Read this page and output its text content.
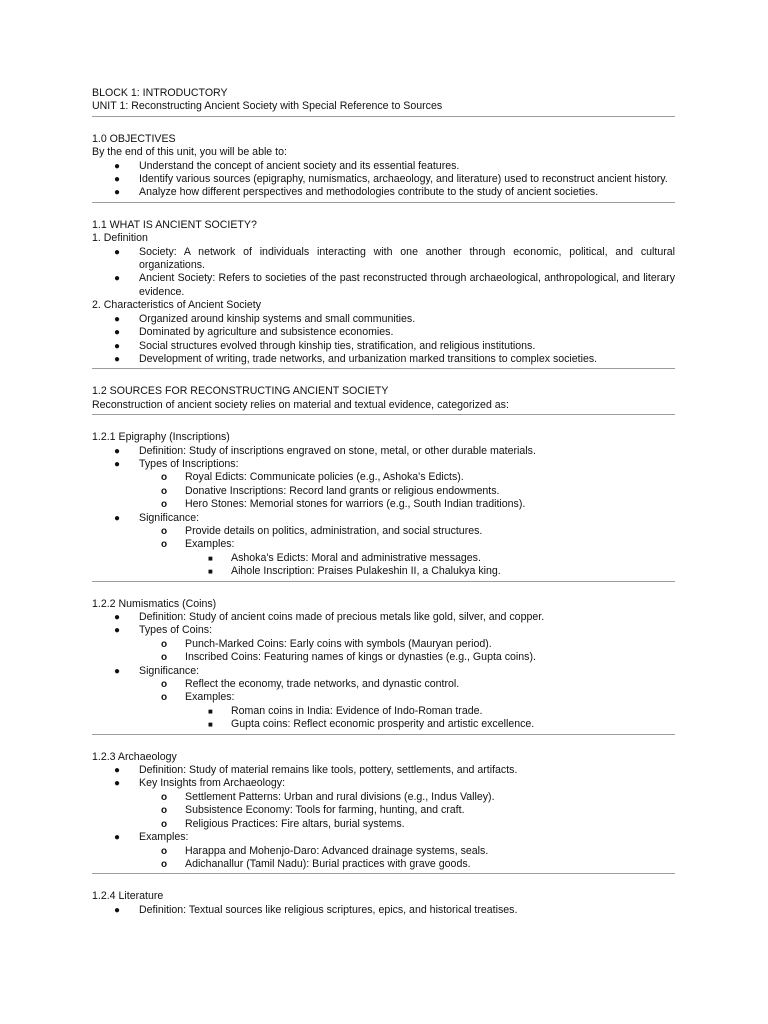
BLOCK 1: INTRODUCTORY
UNIT 1: Reconstructing Ancient Society with Special Reference to Sources
1.0 OBJECTIVES
By the end of this unit, you will be able to:
● Understand the concept of ancient society and its essential features.
● Identify various sources (epigraphy, numismatics, archaeology, and literature) used to reconstruct ancient history.
● Analyze how different perspectives and methodologies contribute to the study of ancient societies.
1.1 WHAT IS ANCIENT SOCIETY?
1. Definition
● Society: A network of individuals interacting with one another through economic, political, and cultural organizations.
● Ancient Society: Refers to societies of the past reconstructed through archaeological, anthropological, and literary evidence.
2. Characteristics of Ancient Society
● Organized around kinship systems and small communities.
● Dominated by agriculture and subsistence economies.
● Social structures evolved through kinship ties, stratification, and religious institutions.
● Development of writing, trade networks, and urbanization marked transitions to complex societies.
1.2 SOURCES FOR RECONSTRUCTING ANCIENT SOCIETY
Reconstruction of ancient society relies on material and textual evidence, categorized as:
1.2.1 Epigraphy (Inscriptions)
● Definition: Study of inscriptions engraved on stone, metal, or other durable materials.
● Types of Inscriptions:
o Royal Edicts: Communicate policies (e.g., Ashoka's Edicts).
o Donative Inscriptions: Record land grants or religious endowments.
o Hero Stones: Memorial stones for warriors (e.g., South Indian traditions).
● Significance:
o Provide details on politics, administration, and social structures.
o Examples:
■ Ashoka's Edicts: Moral and administrative messages.
■ Aihole Inscription: Praises Pulakeshin II, a Chalukya king.
1.2.2 Numismatics (Coins)
● Definition: Study of ancient coins made of precious metals like gold, silver, and copper.
● Types of Coins:
o Punch-Marked Coins: Early coins with symbols (Mauryan period).
o Inscribed Coins: Featuring names of kings or dynasties (e.g., Gupta coins).
● Significance:
o Reflect the economy, trade networks, and dynastic control.
o Examples:
■ Roman coins in India: Evidence of Indo-Roman trade.
■ Gupta coins: Reflect economic prosperity and artistic excellence.
1.2.3 Archaeology
● Definition: Study of material remains like tools, pottery, settlements, and artifacts.
● Key Insights from Archaeology:
o Settlement Patterns: Urban and rural divisions (e.g., Indus Valley).
o Subsistence Economy: Tools for farming, hunting, and craft.
o Religious Practices: Fire altars, burial systems.
● Examples:
o Harappa and Mohenjo-Daro: Advanced drainage systems, seals.
o Adichanallur (Tamil Nadu): Burial practices with grave goods.
1.2.4 Literature
● Definition: Textual sources like religious scriptures, epics, and historical treatises.
